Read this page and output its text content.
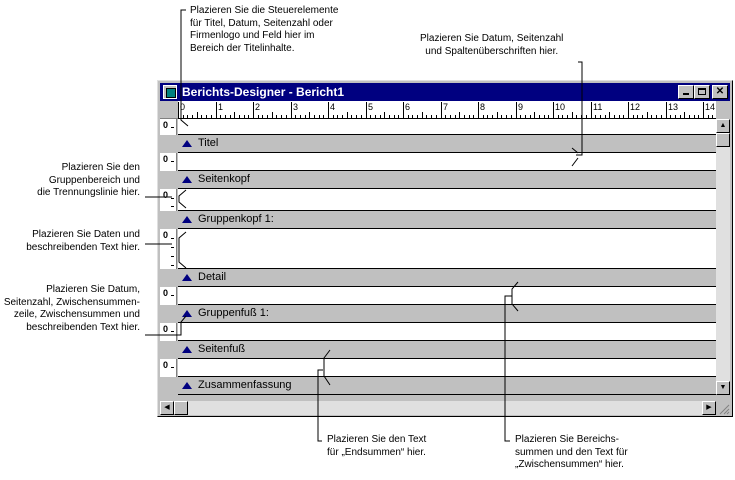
Plazieren Sie die Steuerelemente
für Titel, Datum, Seitenzahl oder
Firmenlogo und Feld hier im
Bereich der Titelinhalte.
Plazieren Sie Datum, Seitenzahl
und Spaltenüberschriften hier.
Plazieren Sie den
Gruppenbereich und
die Trennungslinie hier.
Plazieren Sie Daten und
beschreibenden Text hier.
Plazieren Sie Datum,
Seitenzahl, Zwischensummen-
zeile, Zwischensummen und
beschreibenden Text hier.
Plazieren Sie den Text
für „Endsummen“ hier.
Plazieren Sie Bereichs-
summen und den Text für
„Zwischensummen“ hier.
Berichts-Designer - Bericht1	✕
0	1	2	3	4	5	6	7	8	9	10	11	12	13	14
0
0
0
0
0
0
0
Titel
Seitenkopf
Gruppenkopf 1:
Detail
Gruppenfuß 1:
Seitenfuß
Zusammenfassung
▲
▼
◀	▶
